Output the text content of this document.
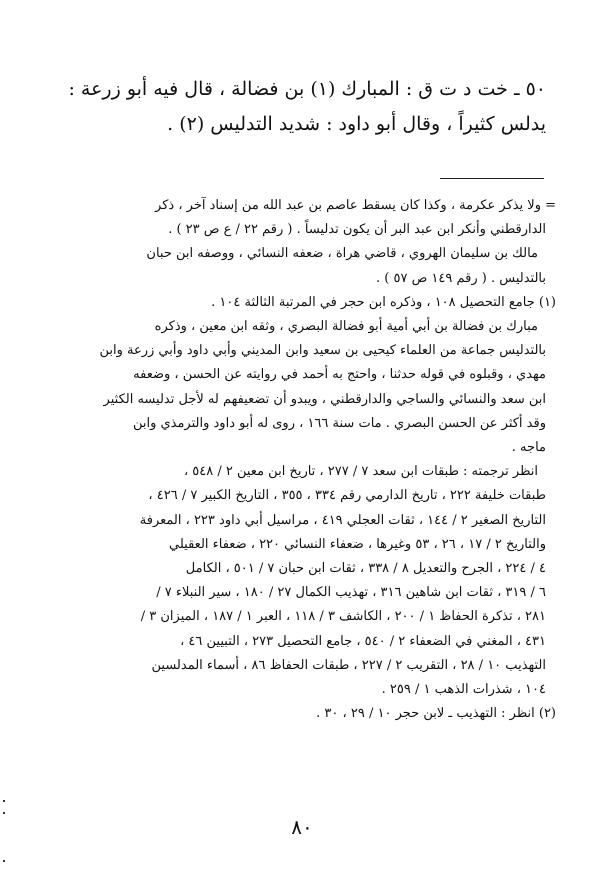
٥٠ ـ خت د ت ق : المبارك (١) بن فضالة ، قال فيه أبو زرعة :

يدلس كثيراً ، وقال أبو داود : شديد التدليس (٢) .

= ولا يذكر عكرمة ، وكذا كان يسقط عاصم بن عبد الله من إسناد آخر ، ذكر

الدارقطني وأنكر ابن عبد البر أن يكون تدليساً . ( رقم ٢٢ / ع ص ٢٣ ) .

مالك بن سليمان الهروي ، قاضي هراة ، ضعفه النسائي ، ووصفه ابن حبان

بالتدليس . ( رقم ١٤٩ ص ٥٧ ) .

(١) جامع التحصيل ١٠٨ ، وذكره ابن حجر في المرتبة الثالثة ١٠٤ .

مبارك بن فضالة بن أبي أمية أبو فضالة البصري ، وثقه ابن معين ، وذكره

بالتدليس جماعة من العلماء كيحيى بن سعيد وابن المديني وأبي داود وأبي زرعة وابن

مهدي ، وقبلوه في قوله حدثنا ، واحتج به أحمد في روايته عن الحسن ، وضعفه

ابن سعد والنسائي والساجي والدارقطني ، ويبدو أن تضعيفهم له لأجل تدليسه الكثير

وقد أكثر عن الحسن البصري . مات سنة ١٦٦ ، روى له أبو داود والترمذي وابن

ماجه .

انظر ترجمته : طبقات ابن سعد ٧ / ٢٧٧ ، تاريخ ابن معين ٢ / ٥٤٨ ،

طبقات خليفة ٢٢٢ ، تاريخ الدارمي رقم ٣٣٤ ، ٣٥٥ ، التاريخ الكبير ٧ / ٤٢٦ ،

التاريخ الصغير ٢ / ١٤٤ ، ثقات العجلي ٤١٩ ، مراسيل أبي داود ٢٢٣ ، المعرفة

والتاريخ ٢ / ١٧ ، ٢٦ ، ٥٣ وغيرها ، ضعفاء النسائي ٢٢٠ ، ضعفاء العقيلي

٤ / ٢٢٤ ، الجرح والتعديل ٨ / ٣٣٨ ، ثقات ابن حبان ٧ / ٥٠١ ، الكامل

٦ / ٣١٩ ، ثقات ابن شاهين ٣١٦ ، تهذيب الكمال ٢٧ / ١٨٠ ، سير النبلاء ٧ /

٢٨١ ، تذكرة الحفاظ ١ / ٢٠٠ ، الكاشف ٣ / ١١٨ ، العبر ١ / ١٨٧ ، الميزان ٣ /

٤٣١ ، المغني في الضعفاء ٢ / ٥٤٠ ، جامع التحصيل ٢٧٣ ، التبيين ٤٦ ،

التهذيب ١٠ / ٢٨ ، التقريب ٢ / ٢٢٧ ، طبقات الحفاظ ٨٦ ، أسماء المدلسين

١٠٤ ، شذرات الذهب ١ / ٢٥٩ .

(٢) انظر : التهذيب ـ لابن حجر ١٠ / ٢٩ ، ٣٠ .

٨٠
